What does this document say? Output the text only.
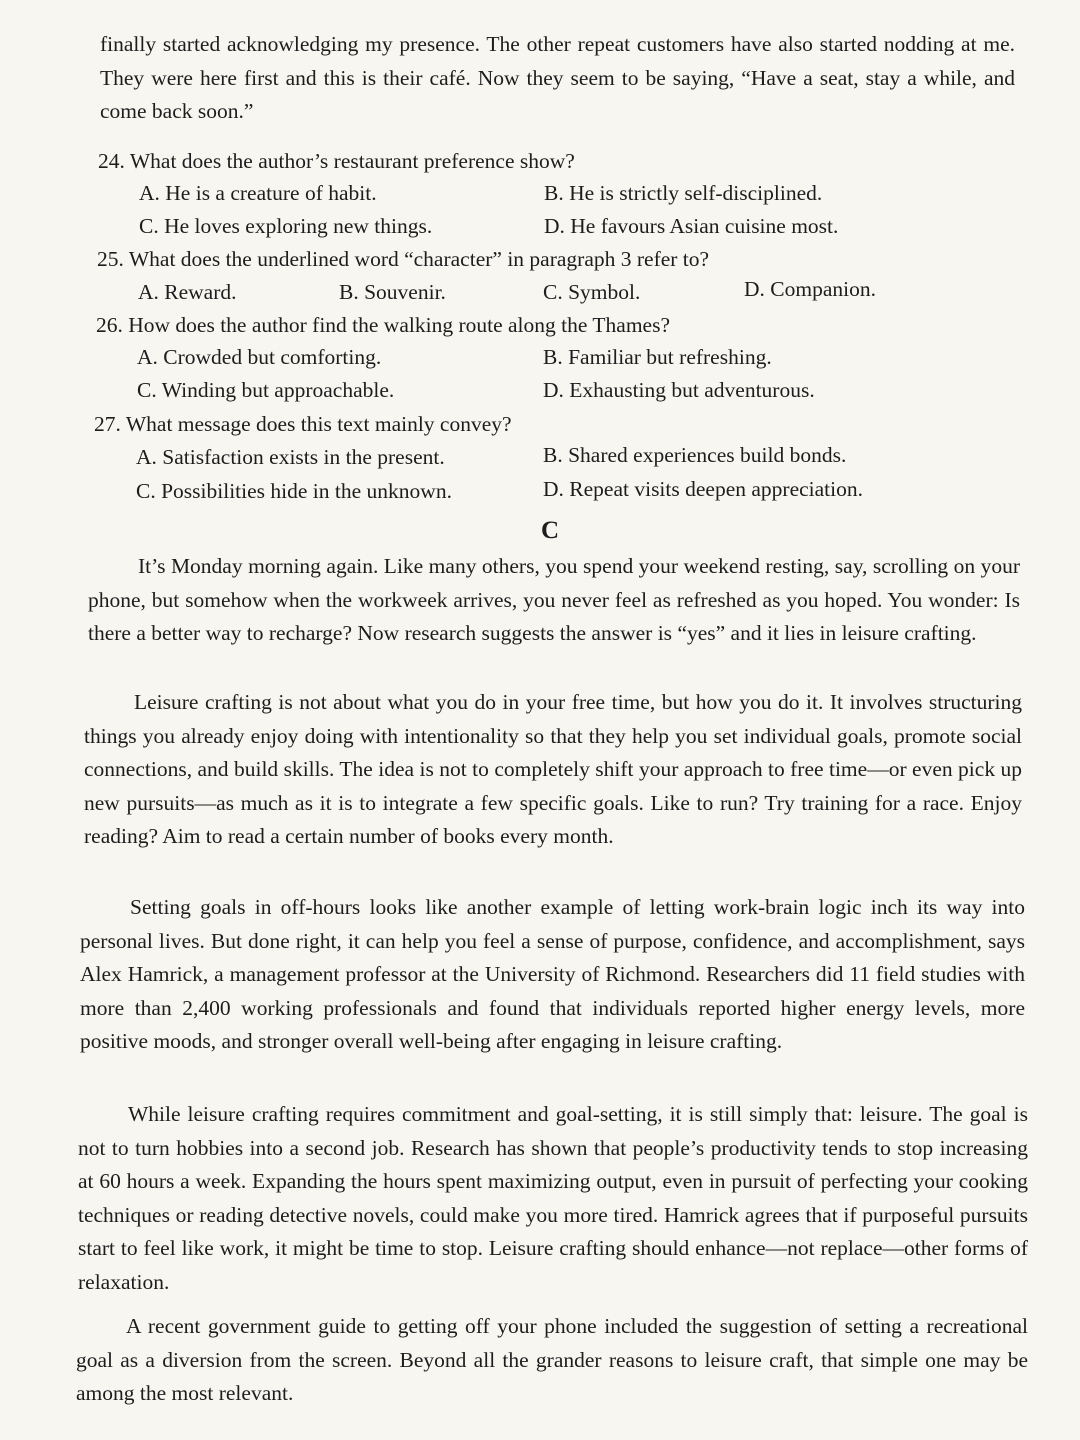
finally started acknowledging my presence. The other repeat customers have also started nodding at me. They were here first and this is their café. Now they seem to be saying, “Have a seat, stay a while, and come back soon.”

24. What does the author’s restaurant preference show?

A. He is a creature of habit.	B. He is strictly self-disciplined.
C. He loves exploring new things.	D. He favours Asian cuisine most.

25. What does the underlined word “character” in paragraph 3 refer to?

A. Reward.	B. Souvenir.	C. Symbol.	D. Companion.

26. How does the author find the walking route along the Thames?

A. Crowded but comforting.	B. Familiar but refreshing.
C. Winding but approachable.	D. Exhausting but adventurous.

27. What message does this text mainly convey?

A. Satisfaction exists in the present.	B. Shared experiences build bonds.
C. Possibilities hide in the unknown.	D. Repeat visits deepen appreciation.
C

It’s Monday morning again. Like many others, you spend your weekend resting, say, scrolling on your phone, but somehow when the workweek arrives, you never feel as refreshed as you hoped. You wonder: Is there a better way to recharge? Now research suggests the answer is “yes” and it lies in leisure crafting.

Leisure crafting is not about what you do in your free time, but how you do it. It involves structuring things you already enjoy doing with intentionality so that they help you set individual goals, promote social connections, and build skills. The idea is not to completely shift your approach to free time—or even pick up new pursuits—as much as it is to integrate a few specific goals. Like to run? Try training for a race. Enjoy reading? Aim to read a certain number of books every month.

Setting goals in off-hours looks like another example of letting work-brain logic inch its way into personal lives. But done right, it can help you feel a sense of purpose, confidence, and accomplishment, says Alex Hamrick, a management professor at the University of Richmond. Researchers did 11 field studies with more than 2,400 working professionals and found that individuals reported higher energy levels, more positive moods, and stronger overall well-being after engaging in leisure crafting.

While leisure crafting requires commitment and goal-setting, it is still simply that: leisure. The goal is not to turn hobbies into a second job. Research has shown that people’s productivity tends to stop increasing at 60 hours a week. Expanding the hours spent maximizing output, even in pursuit of perfecting your cooking techniques or reading detective novels, could make you more tired. Hamrick agrees that if purposeful pursuits start to feel like work, it might be time to stop. Leisure crafting should enhance—not replace—other forms of relaxation.

A recent government guide to getting off your phone included the suggestion of setting a recreational goal as a diversion from the screen. Beyond all the grander reasons to leisure craft, that simple one may be among the most relevant.
